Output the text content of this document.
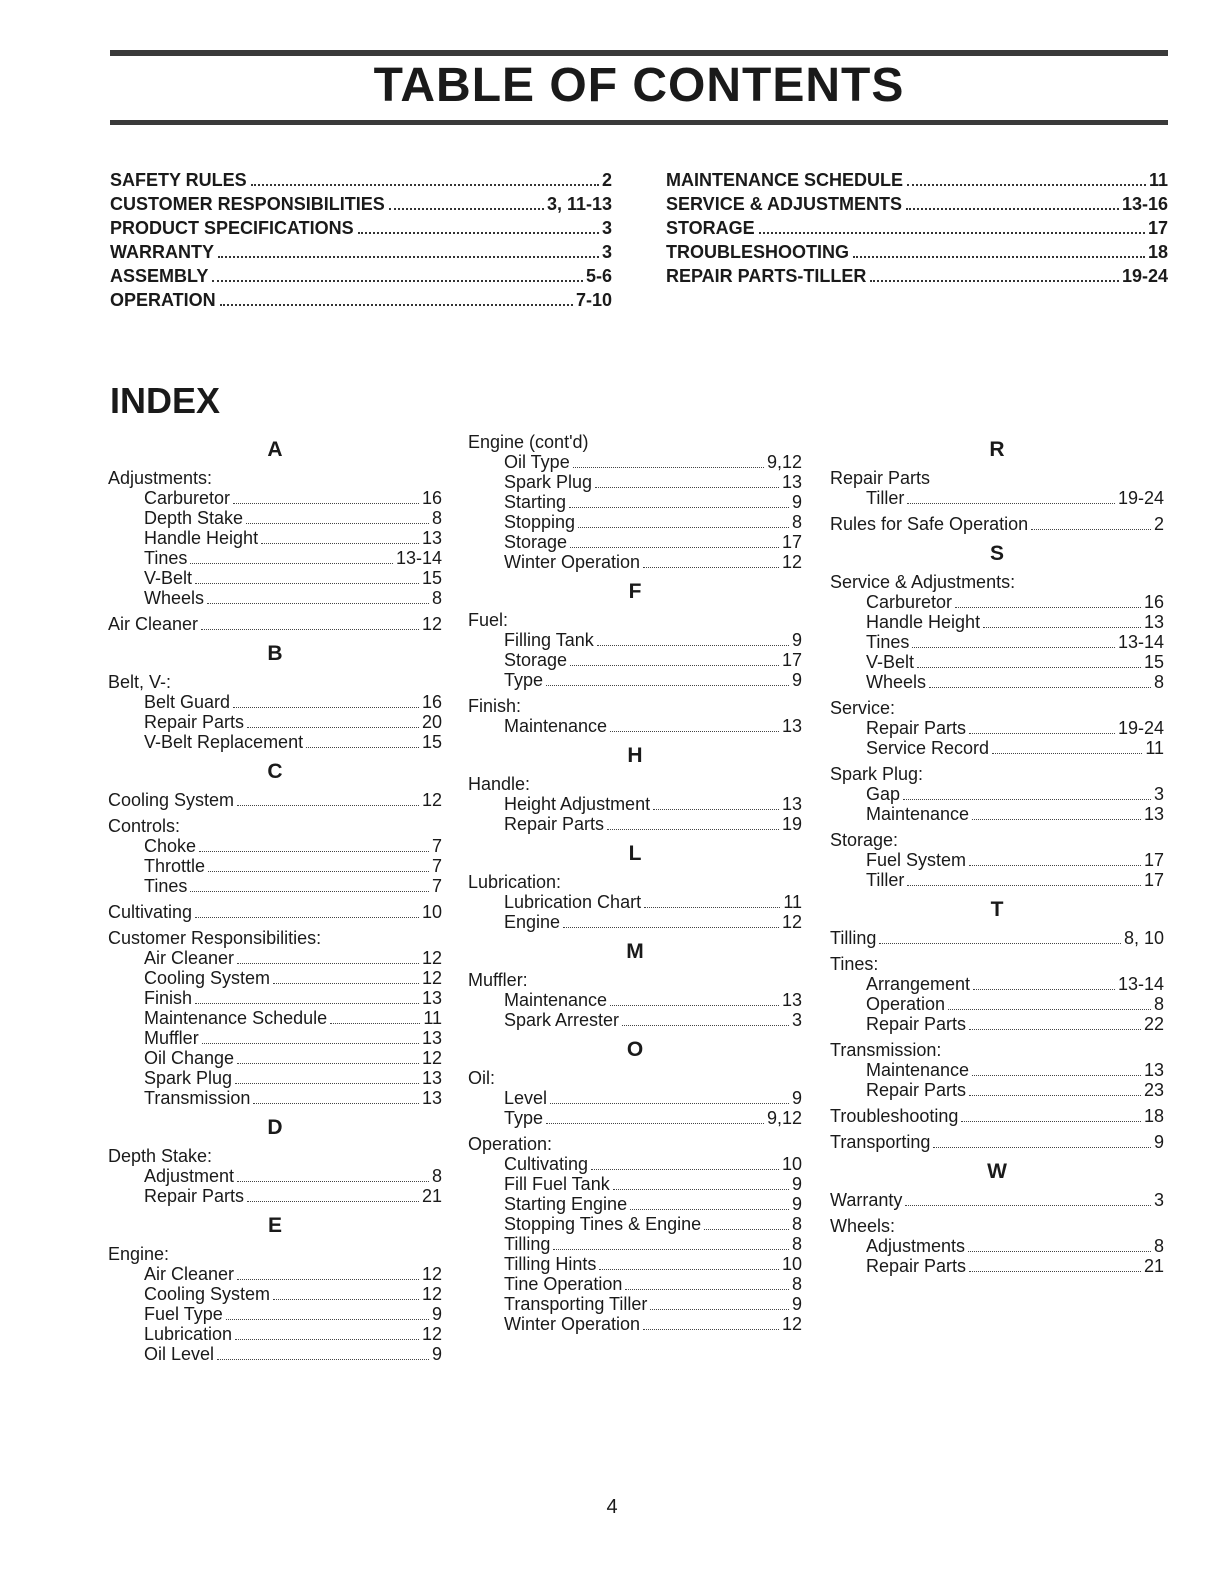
TABLE OF CONTENTS
SAFETY RULES	2
CUSTOMER RESPONSIBILITIES	3, 11-13
PRODUCT SPECIFICATIONS	3
WARRANTY	3
ASSEMBLY	5-6
OPERATION	7-10
MAINTENANCE SCHEDULE	11
SERVICE & ADJUSTMENTS	13-16
STORAGE	17
TROUBLESHOOTING	18
REPAIR PARTS-TILLER	19-24
INDEX
A
Adjustments:
Carburetor	16
Depth Stake	8
Handle Height	13
Tines	13-14
V-Belt	15
Wheels	8
Air Cleaner	12
B
Belt, V-:
Belt Guard	16
Repair Parts	20
V-Belt Replacement	15
C
Cooling System	12
Controls:
Choke	7
Throttle	7
Tines	7
Cultivating	10
Customer Responsibilities:
Air Cleaner	12
Cooling System	12
Finish	13
Maintenance Schedule	11
Muffler	13
Oil Change	12
Spark Plug	13
Transmission	13
D
Depth Stake:
Adjustment	8
Repair Parts	21
E
Engine:
Air Cleaner	12
Cooling System	12
Fuel Type	9
Lubrication	12
Oil Level	9
Engine (cont'd)
Oil Type	9,12
Spark Plug	13
Starting	9
Stopping	8
Storage	17
Winter Operation	12
F
Fuel:
Filling Tank	9
Storage	17
Type	9
Finish:
Maintenance	13
H
Handle:
Height Adjustment	13
Repair Parts	19
L
Lubrication:
Lubrication Chart	11
Engine	12
M
Muffler:
Maintenance	13
Spark Arrester	3
O
Oil:
Level	9
Type	9,12
Operation:
Cultivating	10
Fill Fuel Tank	9
Starting Engine	9
Stopping Tines & Engine	8
Tilling	8
Tilling Hints	10
Tine Operation	8
Transporting Tiller	9
Winter Operation	12
R
Repair Parts
Tiller	19-24
Rules for Safe Operation	2
S
Service & Adjustments:
Carburetor	16
Handle Height	13
Tines	13-14
V-Belt	15
Wheels	8
Service:
Repair Parts	19-24
Service Record	11
Spark Plug:
Gap	3
Maintenance	13
Storage:
Fuel System	17
Tiller	17
T
Tilling	8, 10
Tines:
Arrangement	13-14
Operation	8
Repair Parts	22
Transmission:
Maintenance	13
Repair Parts	23
Troubleshooting	18
Transporting	9
W
Warranty	3
Wheels:
Adjustments	8
Repair Parts	21
4
